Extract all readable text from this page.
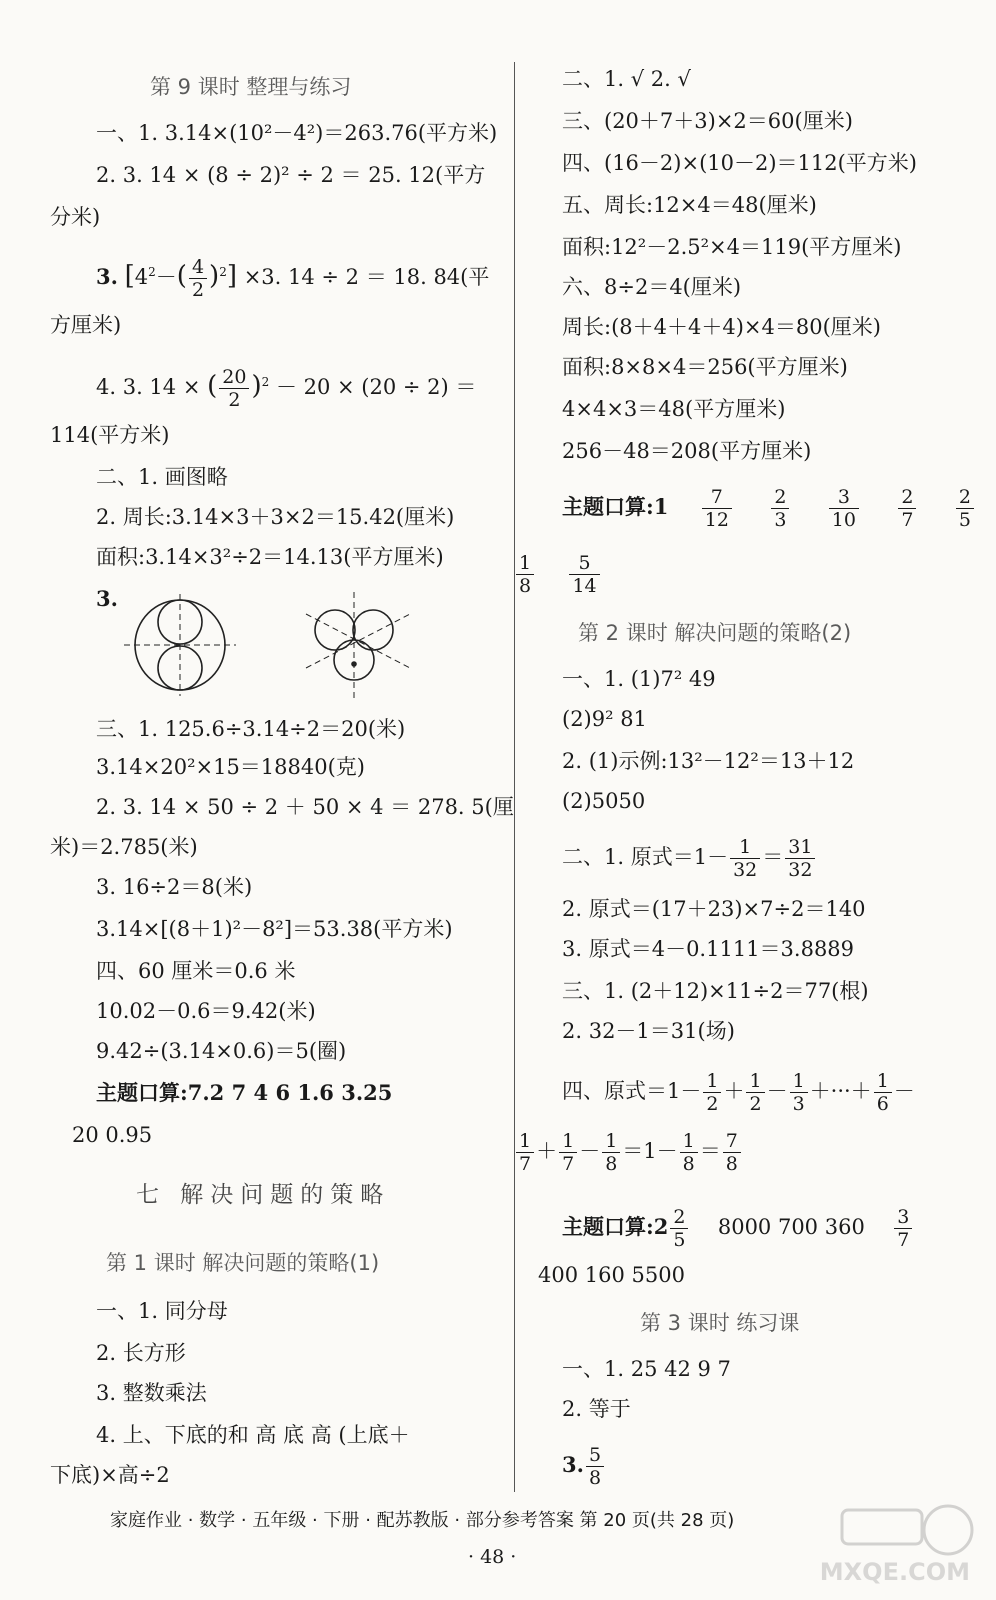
第 9 课时 整理与练习
一、1. 3.14×(10²－4²)＝263.76(平方米)
2. 3. 14 × (8 ÷ 2)² ÷ 2 ＝ 25. 12(平方
分米)
3. $[4^2-( \frac{4}{2} )^2] \times 3$. 14 ÷ 2 ＝ 18. 84(平
方厘米)
4. 3. 14 × ( $\frac{20}{2} )^2 - 20 \times (20 \div 2)$ ＝
114(平方米)
二、1. 画图略
2. 周长:3.14×3＋3×2＝15.42(厘米)
面积:3.14×3²÷2＝14.13(平方厘米)
3.
三、1. 125.6÷3.14÷2＝20(米)
3.14×20²×15＝18840(克)
2. 3. 14 × 50 ÷ 2 ＋ 50 × 4 ＝ 278. 5(厘
米)＝2.785(米)
3. 16÷2＝8(米)
3.14×[(8＋1)²－8²]＝53.38(平方米)
四、60 厘米＝0.6 米
10.02－0.6＝9.42(米)
9.42÷(3.14×0.6)＝5(圈)
主题口算:7.2 7 4 6 1.6 3.25
20 0.95
七 解决问题的策略
第 1 课时 解决问题的策略(1)
一、1. 同分母
2. 长方形
3. 整数乘法
4. 上、下底的和 高 底 高 (上底＋
下底)×高÷2
二、1. √ 2. √
三、(20＋7＋3)×2＝60(厘米)
四、(16－2)×(10－2)＝112(平方米)
五、周长:12×4＝48(厘米)
面积:12²－2.5²×4＝119(平方厘米)
六、8÷2＝4(厘米)
周长:(8＋4＋4＋4)×4＝80(厘米)
面积:8×8×4＝256(平方厘米)
4×4×3＝48(平方厘米)
256－48＝208(平方厘米)
主题口算:1 $\frac{7}{12}$
$\frac{2}{3}$
$\frac{3}{10}$
$\frac{2}{7}$
$\frac{2}{5}$
$\frac{1}{8}$
$\frac{5}{14}$
第 2 课时 解决问题的策略(2)
一、1. (1)7² 49
(2)9² 81
2. (1)示例:13²－12²＝13＋12
(2)5050
二、1. 原式$=1- \frac{1}{32} = \frac{31}{32}$
2. 原式＝(17＋23)×7÷2＝140
3. 原式＝4－0.1111＝3.8889
三、1. (2＋12)×11÷2＝77(根)
2. 32－1＝31(场)
四、原式$=1- \frac{1}{2} + \frac{1}{2} - \frac{1}{3}$ ＋···＋ $\frac{1}{6}$ －
$\frac{1}{7} + \frac{1}{7} - \frac{1}{8} =1- \frac{1}{8} = \frac{7}{8}$
主题口算:2 $\frac{2}{5} 8000$ 700 $360 \frac{3}{7}$
400 160 5500
第 3 课时 练习课
一、1. 25 42 9 7
2. 等于
3. $\frac{5}{8}$
家庭作业 · 数学 · 五年级 · 下册 · 配苏教版 · 部分参考答案 第 20 页(共 28 页)
· 48 ·
MXQE.COM
